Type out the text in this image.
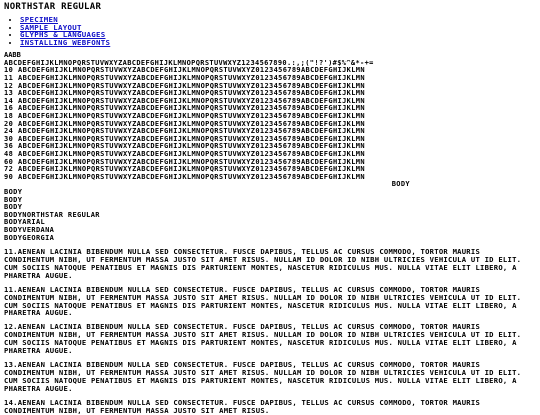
NORTHSTAR REGULAR
• SPECIMEN
• SAMPLE LAYOUT
• GLYPHS & LANGUAGES
• INSTALLING WEBFONTS
AABB
ABCDEFGHIJKLMNOPQRSTUVWXYZABCDEFGHIJKLMNOPQRSTUVWXYZ1234567890.:,;("!?')#$%^&*-+=
10 ABCDEFGHIJKLMNOPQRSTUVWXYZABCDEFGHIJKLMNOPQRSTUVWXYZ0123456789ABCDEFGHIJKLMN
11 ABCDEFGHIJKLMNOPQRSTUVWXYZABCDEFGHIJKLMNOPQRSTUVWXYZ0123456789ABCDEFGHIJKLMN
12 ABCDEFGHIJKLMNOPQRSTUVWXYZABCDEFGHIJKLMNOPQRSTUVWXYZ0123456789ABCDEFGHIJKLMN
13 ABCDEFGHIJKLMNOPQRSTUVWXYZABCDEFGHIJKLMNOPQRSTUVWXYZ0123456789ABCDEFGHIJKLMN
14 ABCDEFGHIJKLMNOPQRSTUVWXYZABCDEFGHIJKLMNOPQRSTUVWXYZ0123456789ABCDEFGHIJKLMN
16 ABCDEFGHIJKLMNOPQRSTUVWXYZABCDEFGHIJKLMNOPQRSTUVWXYZ0123456789ABCDEFGHIJKLMN
18 ABCDEFGHIJKLMNOPQRSTUVWXYZABCDEFGHIJKLMNOPQRSTUVWXYZ0123456789ABCDEFGHIJKLMN
20 ABCDEFGHIJKLMNOPQRSTUVWXYZABCDEFGHIJKLMNOPQRSTUVWXYZ0123456789ABCDEFGHIJKLMN
24 ABCDEFGHIJKLMNOPQRSTUVWXYZABCDEFGHIJKLMNOPQRSTUVWXYZ0123456789ABCDEFGHIJKLMN
30 ABCDEFGHIJKLMNOPQRSTUVWXYZABCDEFGHIJKLMNOPQRSTUVWXYZ0123456789ABCDEFGHIJKLMN
36 ABCDEFGHIJKLMNOPQRSTUVWXYZABCDEFGHIJKLMNOPQRSTUVWXYZ0123456789ABCDEFGHIJKLMN
48 ABCDEFGHIJKLMNOPQRSTUVWXYZABCDEFGHIJKLMNOPQRSTUVWXYZ0123456789ABCDEFGHIJKLMN
60 ABCDEFGHIJKLMNOPQRSTUVWXYZABCDEFGHIJKLMNOPQRSTUVWXYZ0123456789ABCDEFGHIJKLMN
72 ABCDEFGHIJKLMNOPQRSTUVWXYZABCDEFGHIJKLMNOPQRSTUVWXYZ0123456789ABCDEFGHIJKLMN
90 ABCDEFGHIJKLMNOPQRSTUVWXYZABCDEFGHIJKLMNOPQRSTUVWXYZ0123456789ABCDEFGHIJKLMN
BODY
BODY
BODY
BODY
BODYNORTHSTAR REGULAR
BODYARIAL
BODYVERDANA
BODYGEORGIA

11.AENEAN LACINIA BIBENDUM NULLA SED CONSECTETUR. FUSCE DAPIBUS, TELLUS AC CURSUS COMMODO, TORTOR MAURIS CONDIMENTUM NIBH, UT FERMENTUM MASSA JUSTO SIT AMET RISUS. NULLAM ID DOLOR ID NIBH ULTRICIES VEHICULA UT ID ELIT. CUM SOCIIS NATOQUE PENATIBUS ET MAGNIS DIS PARTURIENT MONTES, NASCETUR RIDICULUS MUS. NULLA VITAE ELIT LIBERO, A PHARETRA AUGUE.

11.AENEAN LACINIA BIBENDUM NULLA SED CONSECTETUR. FUSCE DAPIBUS, TELLUS AC CURSUS COMMODO, TORTOR MAURIS CONDIMENTUM NIBH, UT FERMENTUM MASSA JUSTO SIT AMET RISUS. NULLAM ID DOLOR ID NIBH ULTRICIES VEHICULA UT ID ELIT. CUM SOCIIS NATOQUE PENATIBUS ET MAGNIS DIS PARTURIENT MONTES, NASCETUR RIDICULUS MUS. NULLA VITAE ELIT LIBERO, A PHARETRA AUGUE.

12.AENEAN LACINIA BIBENDUM NULLA SED CONSECTETUR. FUSCE DAPIBUS, TELLUS AC CURSUS COMMODO, TORTOR MAURIS CONDIMENTUM NIBH, UT FERMENTUM MASSA JUSTO SIT AMET RISUS. NULLAM ID DOLOR ID NIBH ULTRICIES VEHICULA UT ID ELIT. CUM SOCIIS NATOQUE PENATIBUS ET MAGNIS DIS PARTURIENT MONTES, NASCETUR RIDICULUS MUS. NULLA VITAE ELIT LIBERO, A PHARETRA AUGUE.

13.AENEAN LACINIA BIBENDUM NULLA SED CONSECTETUR. FUSCE DAPIBUS, TELLUS AC CURSUS COMMODO, TORTOR MAURIS CONDIMENTUM NIBH, UT FERMENTUM MASSA JUSTO SIT AMET RISUS. NULLAM ID DOLOR ID NIBH ULTRICIES VEHICULA UT ID ELIT. CUM SOCIIS NATOQUE PENATIBUS ET MAGNIS DIS PARTURIENT MONTES, NASCETUR RIDICULUS MUS. NULLA VITAE ELIT LIBERO, A PHARETRA AUGUE.

14.AENEAN LACINIA BIBENDUM NULLA SED CONSECTETUR. FUSCE DAPIBUS, TELLUS AC CURSUS COMMODO, TORTOR MAURIS CONDIMENTUM NIBH, UT FERMENTUM MASSA JUSTO SIT AMET RISUS.
